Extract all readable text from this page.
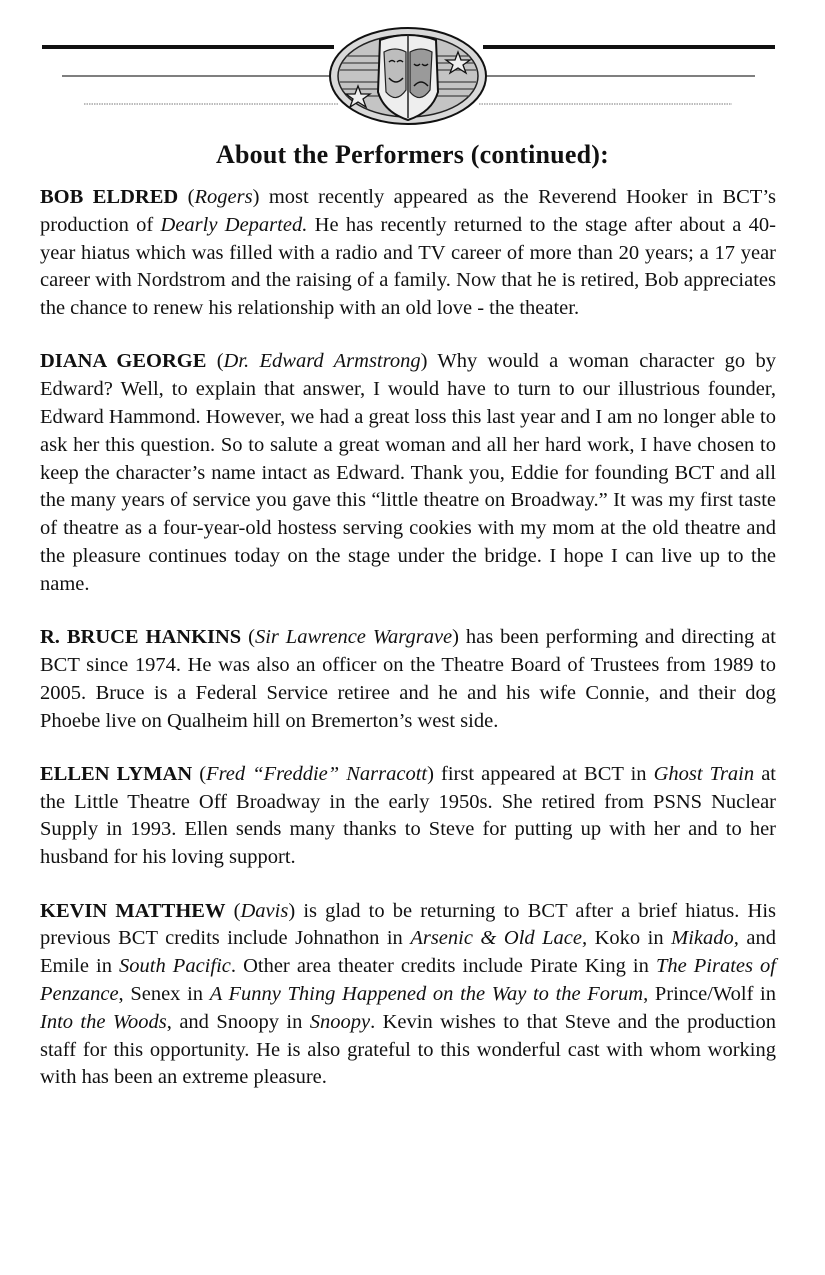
About the Performers (continued):

BOB ELDRED (Rogers) most recently appeared as the Reverend Hooker in BCT’s production of Dearly Departed. He has recently returned to the stage after about a 40-year hiatus which was filled with a radio and TV career of more than 20 years; a 17 year career with Nordstrom and the raising of a family. Now that he is retired, Bob appreciates the chance to renew his relationship with an old love - the theater.

DIANA GEORGE (Dr. Edward Armstrong) Why would a woman character go by Edward? Well, to explain that answer, I would have to turn to our illustrious founder, Edward Hammond. However, we had a great loss this last year and I am no longer able to ask her this question. So to salute a great woman and all her hard work, I have chosen to keep the character’s name intact as Edward. Thank you, Eddie for founding BCT and all the many years of service you gave this “little theatre on Broadway.” It was my first taste of theatre as a four-year-old hostess serving cookies with my mom at the old theatre and the pleasure continues today on the stage under the bridge. I hope I can live up to the name.

R. BRUCE HANKINS (Sir Lawrence Wargrave) has been performing and directing at BCT since 1974. He was also an officer on the Theatre Board of Trustees from 1989 to 2005. Bruce is a Federal Service retiree and he and his wife Connie, and their dog Phoebe live on Qualheim hill on Bremerton’s west side.

ELLEN LYMAN (Fred “Freddie” Narracott) first appeared at BCT in Ghost Train at the Little Theatre Off Broadway in the early 1950s. She retired from PSNS Nuclear Supply in 1993. Ellen sends many thanks to Steve for putting up with her and to her husband for his loving support.

KEVIN MATTHEW (Davis) is glad to be returning to BCT after a brief hiatus. His previous BCT credits include Johnathon in Arsenic & Old Lace, Koko in Mikado, and Emile in South Pacific. Other area theater credits include Pirate King in The Pirates of Penzance, Senex in A Funny Thing Happened on the Way to the Forum, Prince/Wolf in Into the Woods, and Snoopy in Snoopy. Kevin wishes to that Steve and the production staff for this opportunity. He is also grateful to this wonderful cast with whom working with has been an extreme pleasure.
